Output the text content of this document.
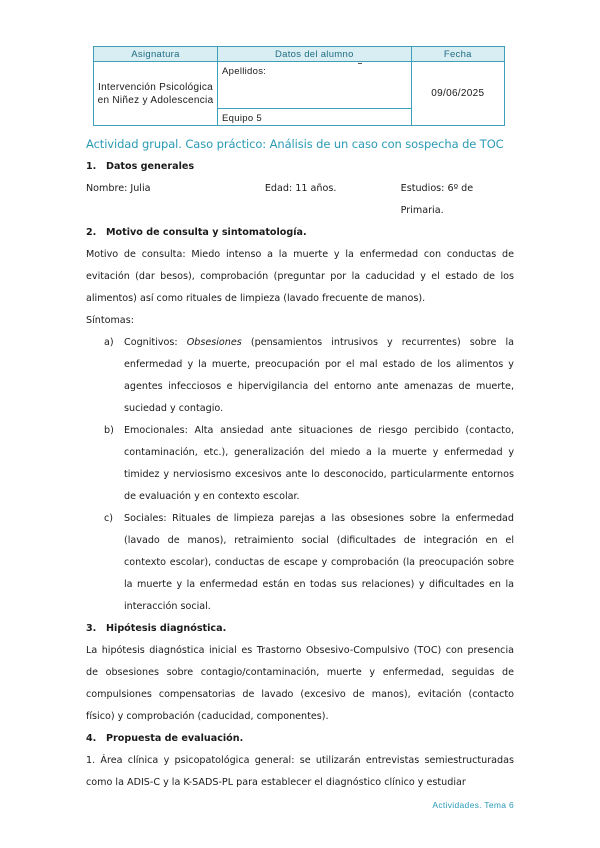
Asignatura	Datos del alumno	Fecha
Intervención Psicológica en Niñez y Adolescencia	Apellidos:	09/06/2025
	Equipo 5	

Actividad grupal. Caso práctico: Análisis de un caso con sospecha de TOC

1.	Datos generales

Nombre: Julia	Edad: 11 años.	Estudios: 6º de Primaria.

2.	Motivo de consulta y sintomatología.

Motivo de consulta: Miedo intenso a la muerte y la enfermedad con conductas de evitación (dar besos), comprobación (preguntar por la caducidad y el estado de los alimentos) así como rituales de limpieza (lavado frecuente de manos).

Síntomas:

a)	Cognitivos: Obsesiones (pensamientos intrusivos y recurrentes) sobre la enfermedad y la muerte, preocupación por el mal estado de los alimentos y agentes infecciosos e hipervigilancia del entorno ante amenazas de muerte, suciedad y contagio.
b)	Emocionales: Alta ansiedad ante situaciones de riesgo percibido (contacto, contaminación, etc.), generalización del miedo a la muerte y enfermedad y timidez y nerviosismo excesivos ante lo desconocido, particularmente entornos de evaluación y en contexto escolar.
c)	Sociales: Rituales de limpieza parejas a las obsesiones sobre la enfermedad (lavado de manos), retraimiento social (dificultades de integración en el contexto escolar), conductas de escape y comprobación (la preocupación sobre la muerte y la enfermedad están en todas sus relaciones) y dificultades en la interacción social.

3.	Hipótesis diagnóstica.

La hipótesis diagnóstica inicial es Trastorno Obsesivo-Compulsivo (TOC) con presencia de obsesiones sobre contagio/contaminación, muerte y enfermedad, seguidas de compulsiones compensatorias de lavado (excesivo de manos), evitación (contacto físico) y comprobación (caducidad, componentes).

4.	Propuesta de evaluación.

1. Área clínica y psicopatológica general: se utilizarán entrevistas semiestructuradas como la ADIS-C y la K-SADS-PL para establecer el diagnóstico clínico y estudiar

Actividades. Tema 6
